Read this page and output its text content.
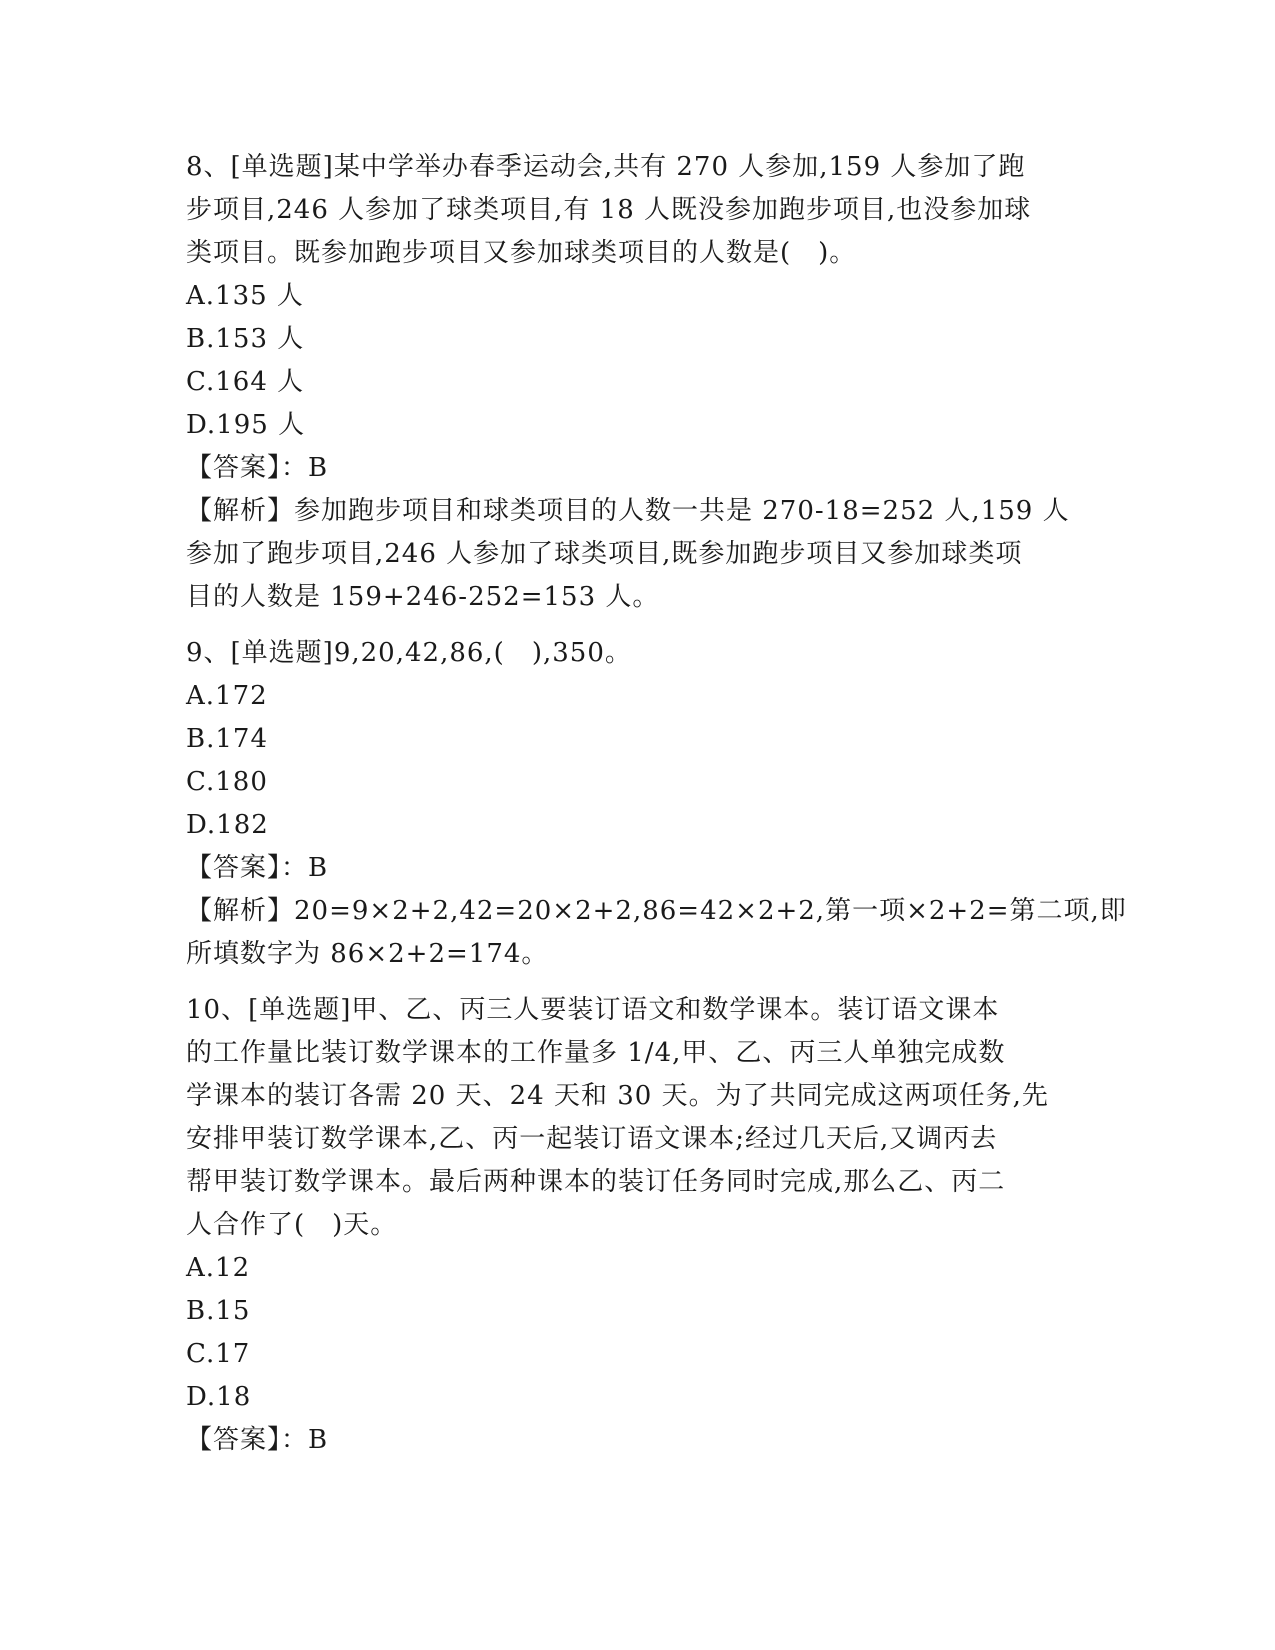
8、[单选题]某中学举办春季运动会,共有 270 人参加,159 人参加了跑
步项目,246 人参加了球类项目,有 18 人既没参加跑步项目,也没参加球
类项目。既参加跑步项目又参加球类项目的人数是(　)。
A.135 人
B.153 人
C.164 人
D.195 人
【答案】：B
【解析】参加跑步项目和球类项目的人数一共是 270-18=252 人,159 人
参加了跑步项目,246 人参加了球类项目,既参加跑步项目又参加球类项
目的人数是 159+246-252=153 人。
9、[单选题]9,20,42,86,(　),350。
A.172
B.174
C.180
D.182
【答案】：B
【解析】20=9×2+2,42=20×2+2,86=42×2+2,第一项×2+2=第二项,即
所填数字为 86×2+2=174。
10、[单选题]甲、乙、丙三人要装订语文和数学课本。装订语文课本
的工作量比装订数学课本的工作量多 1/4,甲、乙、丙三人单独完成数
学课本的装订各需 20 天、24 天和 30 天。为了共同完成这两项任务,先
安排甲装订数学课本,乙、丙一起装订语文课本;经过几天后,又调丙去
帮甲装订数学课本。最后两种课本的装订任务同时完成,那么乙、丙二
人合作了(　)天。
A.12
B.15
C.17
D.18
【答案】：B
